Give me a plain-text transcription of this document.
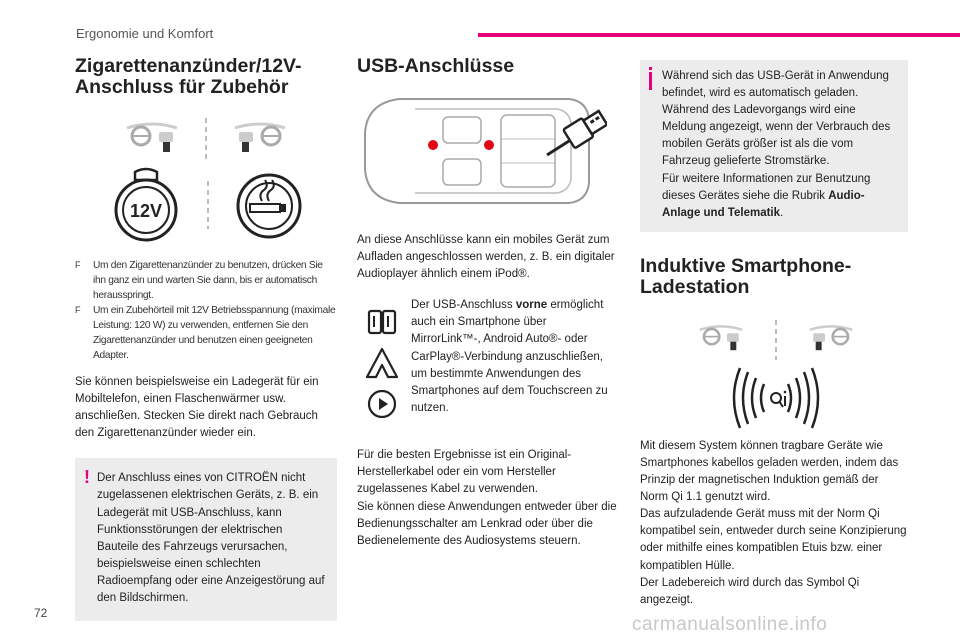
Ergonomie und Komfort
Zigarettenanzünder/12V-
Anschluss für Zubehör
12V
F Um den Zigarettenanzünder zu benutzen, drücken Sie ihn ganz ein und warten Sie dann, bis er automatisch herausspringt.
F Um ein Zubehörteil mit 12V Betriebsspannung (maximale Leistung: 120 W) zu verwenden, entfernen Sie den Zigarettenanzünder und benutzen einen geeigneten Adapter.

Sie können beispielsweise ein Ladegerät für ein Mobiltelefon, einen Flaschenwärmer usw. anschließen. Stecken Sie direkt nach Gebrauch den Zigarettenanzünder wieder ein.

! Der Anschluss eines von CITROËN nicht zugelassenen elektrischen Geräts, z. B. ein Ladegerät mit USB-Anschluss, kann Funktionsstörungen der elektrischen Bauteile des Fahrzeugs verursachen, beispielsweise einen schlechten Radioempfang oder eine Anzeigestörung auf den Bildschirmen.

USB-Anschlüsse

An diese Anschlüsse kann ein mobiles Gerät zum Aufladen angeschlossen werden, z. B. ein digitaler Audioplayer ähnlich einem iPod®.

Der USB-Anschluss vorne ermöglicht auch ein Smartphone über MirrorLink™-, Android Auto®- oder CarPlay®-Verbindung anzuschließen, um bestimmte Anwendungen des Smartphones auf dem Touchscreen zu nutzen.

Für die besten Ergebnisse ist ein Original-Herstellerkabel oder ein vom Hersteller zugelassenes Kabel zu verwenden.

Sie können diese Anwendungen entweder über die Bedienungsschalter am Lenkrad oder über die Bedienelemente des Audiosystems steuern.

Während sich das USB-Gerät in Anwendung befindet, wird es automatisch geladen.

Während des Ladevorgangs wird eine Meldung angezeigt, wenn der Verbrauch des mobilen Geräts größer ist als die vom Fahrzeug gelieferte Stromstärke.

Für weitere Informationen zur Benutzung dieses Gerätes siehe die Rubrik Audio-Anlage und Telematik.

Induktive Smartphone-
Ladestation

Mit diesem System können tragbare Geräte wie Smartphones kabellos geladen werden, indem das Prinzip der magnetischen Induktion gemäß der Norm Qi 1.1 genutzt wird.

Das aufzuladende Gerät muss mit der Norm Qi kompatibel sein, entweder durch seine Konzipierung oder mithilfe eines kompatiblen Etuis bzw. einer kompatiblen Hülle.

Der Ladebereich wird durch das Symbol Qi angezeigt.

72
carmanualsonline.info
